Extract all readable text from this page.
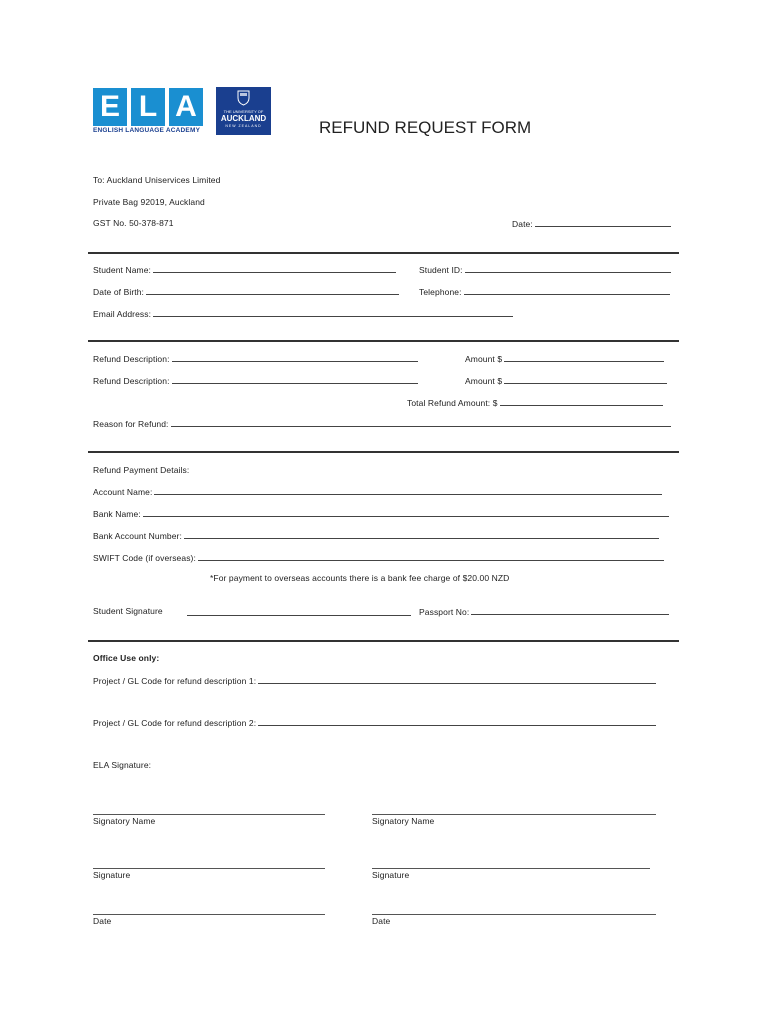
E L A
ENGLISH LANGUAGE ACADEMY
THE UNIVERSITY OF
AUCKLAND
NEW ZEALAND	REFUND REQUEST FORM
To: Auckland Uniservices Limited
Private Bag 92019, Auckland
GST No. 50-378-871	Date:
Student Name:	Student ID:
Date of Birth:	Telephone:
Email Address:
Refund Description:	Amount $
Refund Description:	Amount $
Total Refund Amount: $
Reason for Refund:
Refund Payment Details:
Account Name:
Bank Name:
Bank Account Number:
SWIFT Code (if overseas):
*For payment to overseas accounts there is a bank fee charge of $20.00 NZD
Student Signature	Passport No:
Office Use only:
Project / GL Code for refund description 1:
Project / GL Code for refund description 2:
ELA Signature:
Signatory Name	Signatory Name
Signature	Signature
Date	Date
